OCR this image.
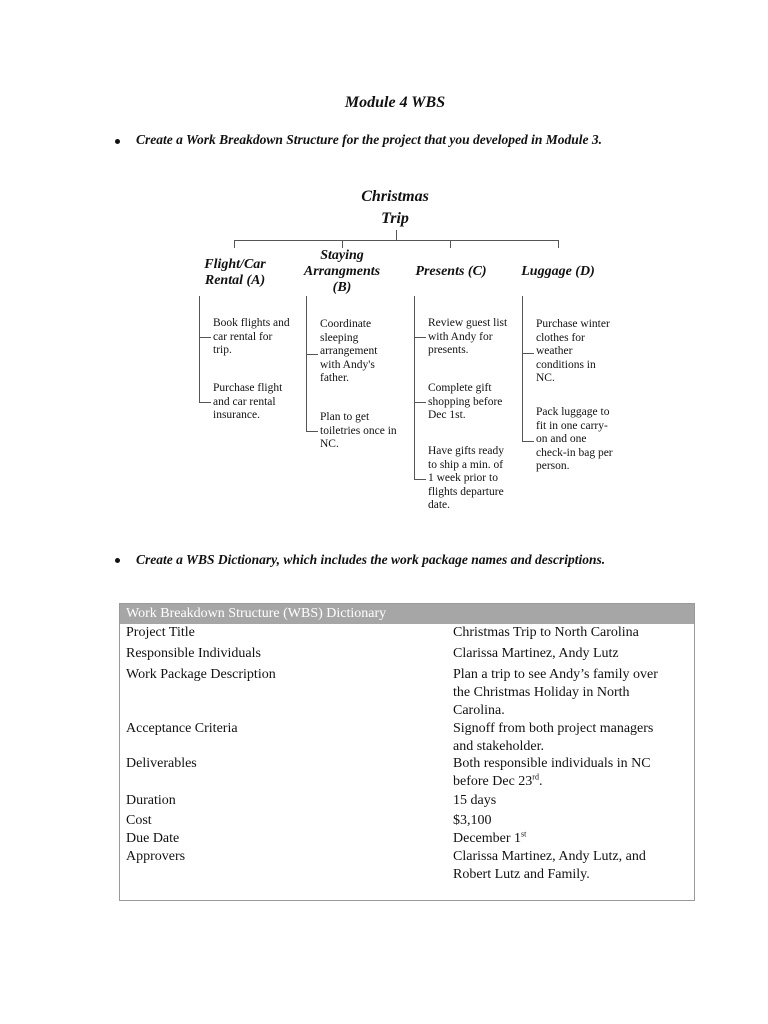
Module 4 WBS
Create a Work Breakdown Structure for the project that you developed in Module 3.
Christmas
Trip
Flight/Car
Rental (A)
Book flights and
car rental for
trip.
Purchase flight
and car rental
insurance.
Staying
Arrangments
(B)
Coordinate
sleeping
arrangement
with Andy's
father.
Plan to get
toiletries once in
NC.
Presents (C)
Review guest list
with Andy for
presents.
Complete gift
shopping before
Dec 1st.
Have gifts ready
to ship a min. of
1 week prior to
flights departure
date.
Luggage (D)
Purchase winter
clothes for
weather
conditions in
NC.
Pack luggage to
fit in one carry-
on and one
check-in bag per
person.
Create a WBS Dictionary, which includes the work package names and descriptions.
Work Breakdown Structure (WBS) Dictionary
Project Title	Christmas Trip to North Carolina
Responsible Individuals	Clarissa Martinez, Andy Lutz
Work Package Description	Plan a trip to see Andy’s family over
the Christmas Holiday in North
Carolina.
Acceptance Criteria	Signoff from both project managers
and stakeholder.
Deliverables	Both responsible individuals in NC
before Dec 23rd.
Duration	15 days
Cost	$3,100
Due Date	December 1st
Approvers	Clarissa Martinez, Andy Lutz, and
Robert Lutz and Family.
